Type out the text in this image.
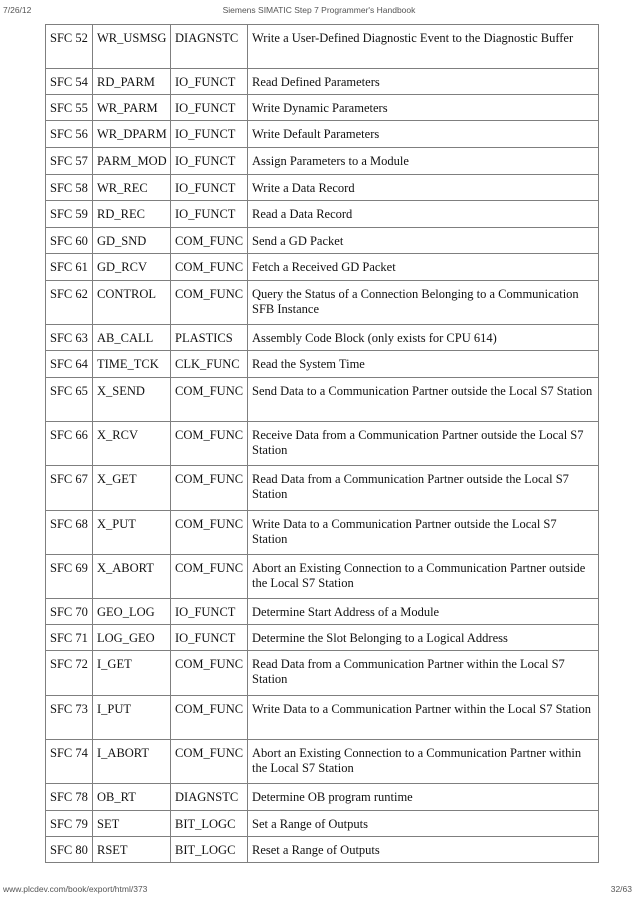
7/26/12	Siemens SIMATIC Step 7 Programmer's Handbook
SFC 52	WR_USMSG	DIAGNSTC	Write a User-Defined Diagnostic Event to the Diagnostic Buffer
SFC 54	RD_PARM	IO_FUNCT	Read Defined Parameters
SFC 55	WR_PARM	IO_FUNCT	Write Dynamic Parameters
SFC 56	WR_DPARM	IO_FUNCT	Write Default Parameters
SFC 57	PARM_MOD	IO_FUNCT	Assign Parameters to a Module
SFC 58	WR_REC	IO_FUNCT	Write a Data Record
SFC 59	RD_REC	IO_FUNCT	Read a Data Record
SFC 60	GD_SND	COM_FUNC	Send a GD Packet
SFC 61	GD_RCV	COM_FUNC	Fetch a Received GD Packet
SFC 62	CONTROL	COM_FUNC	Query the Status of a Connection Belonging to a Communication SFB Instance
SFC 63	AB_CALL	PLASTICS	Assembly Code Block (only exists for CPU 614)
SFC 64	TIME_TCK	CLK_FUNC	Read the System Time
SFC 65	X_SEND	COM_FUNC	Send Data to a Communication Partner outside the Local S7 Station
SFC 66	X_RCV	COM_FUNC	Receive Data from a Communication Partner outside the Local S7 Station
SFC 67	X_GET	COM_FUNC	Read Data from a Communication Partner outside the Local S7 Station
SFC 68	X_PUT	COM_FUNC	Write Data to a Communication Partner outside the Local S7 Station
SFC 69	X_ABORT	COM_FUNC	Abort an Existing Connection to a Communication Partner outside the Local S7 Station
SFC 70	GEO_LOG	IO_FUNCT	Determine Start Address of a Module
SFC 71	LOG_GEO	IO_FUNCT	Determine the Slot Belonging to a Logical Address
SFC 72	I_GET	COM_FUNC	Read Data from a Communication Partner within the Local S7 Station
SFC 73	I_PUT	COM_FUNC	Write Data to a Communication Partner within the Local S7 Station
SFC 74	I_ABORT	COM_FUNC	Abort an Existing Connection to a Communication Partner within the Local S7 Station
SFC 78	OB_RT	DIAGNSTC	Determine OB program runtime
SFC 79	SET	BIT_LOGC	Set a Range of Outputs
SFC 80	RSET	BIT_LOGC	Reset a Range of Outputs
www.plcdev.com/book/export/html/373	32/63
